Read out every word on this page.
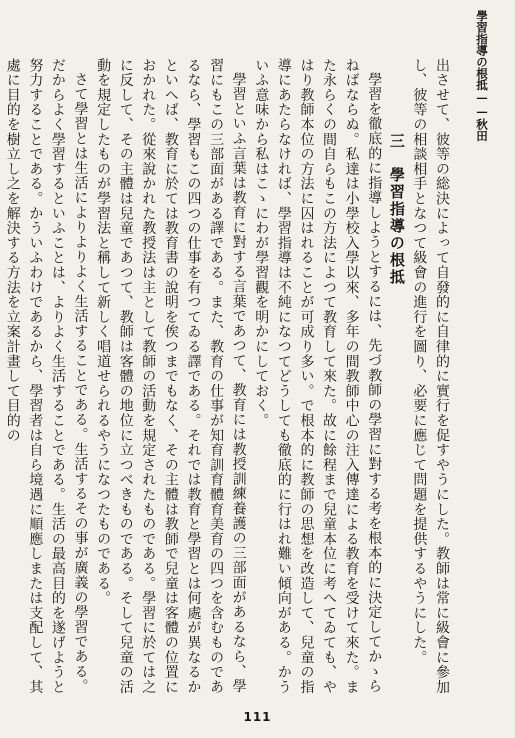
學習指導の根抵——秋田

出させて、彼等の総決によって自發的に自律的に實行を促すやうにした。教師は常に級會に參加し、彼等の相談相手となつて級會の進行を圖り、必要に應じて問題を提供するやうにした。

三　學習指導の根抵

學習を徹底的に指導しようとするには、先づ教師の學習に對する考を根本的に決定してかゝらねばならぬ。私達は小學校入學以來、多年の間教師中心の注入傳達による教育を受けて來た。また永らくの間自らもこの方法によつて教育して來た。故に餘程まで兒童本位に考へてゐても、やはり教師本位の方法に囚はれることが可成り多い。で根本的に教師の思想を改造して、兒童の指導にあたらなければ、學習指導は不純になつてどうしても徹底的に行はれ難い傾向がある。かういふ意味から私はこゝにわが學習觀を明かにしておく。

學習といふ言葉は教育に對する言葉であつて、教育には教授訓練養護の三部面があるなら、學習にもこの三部面がある譯である。また、教育の仕事が知育訓育體育美育の四つを含むものであるなら、學習もこの四つの仕事を有つてゐる譯である。それでは教育と學習とは何處が異なるかといへば、教育に於ては教育書の說明を俟つまでもなく、その主體は教師で兒童は客體の位置におかれた。從來說かれた教授法は主として教師の活動を規定されたものである。學習に於ては之に反して、その主體は兒童であつて、教師は客體の地位に立つべきものである。そして兒童の活動を規定したものが學習法と稱して新しく唱道せられるやうになつたものである。

さて學習とは生活によりよりよく生活することである。生活するその事が廣義の學習である。だからよく學習するといふことは、よりよく生活することである。生活の最高目的を遂げようと努力することである。かういふわけであるから、學習者は自ら境遇に順應しまたは支配して、其處に目的を樹立し之を解決する方法を立案計畫して目的の

111
